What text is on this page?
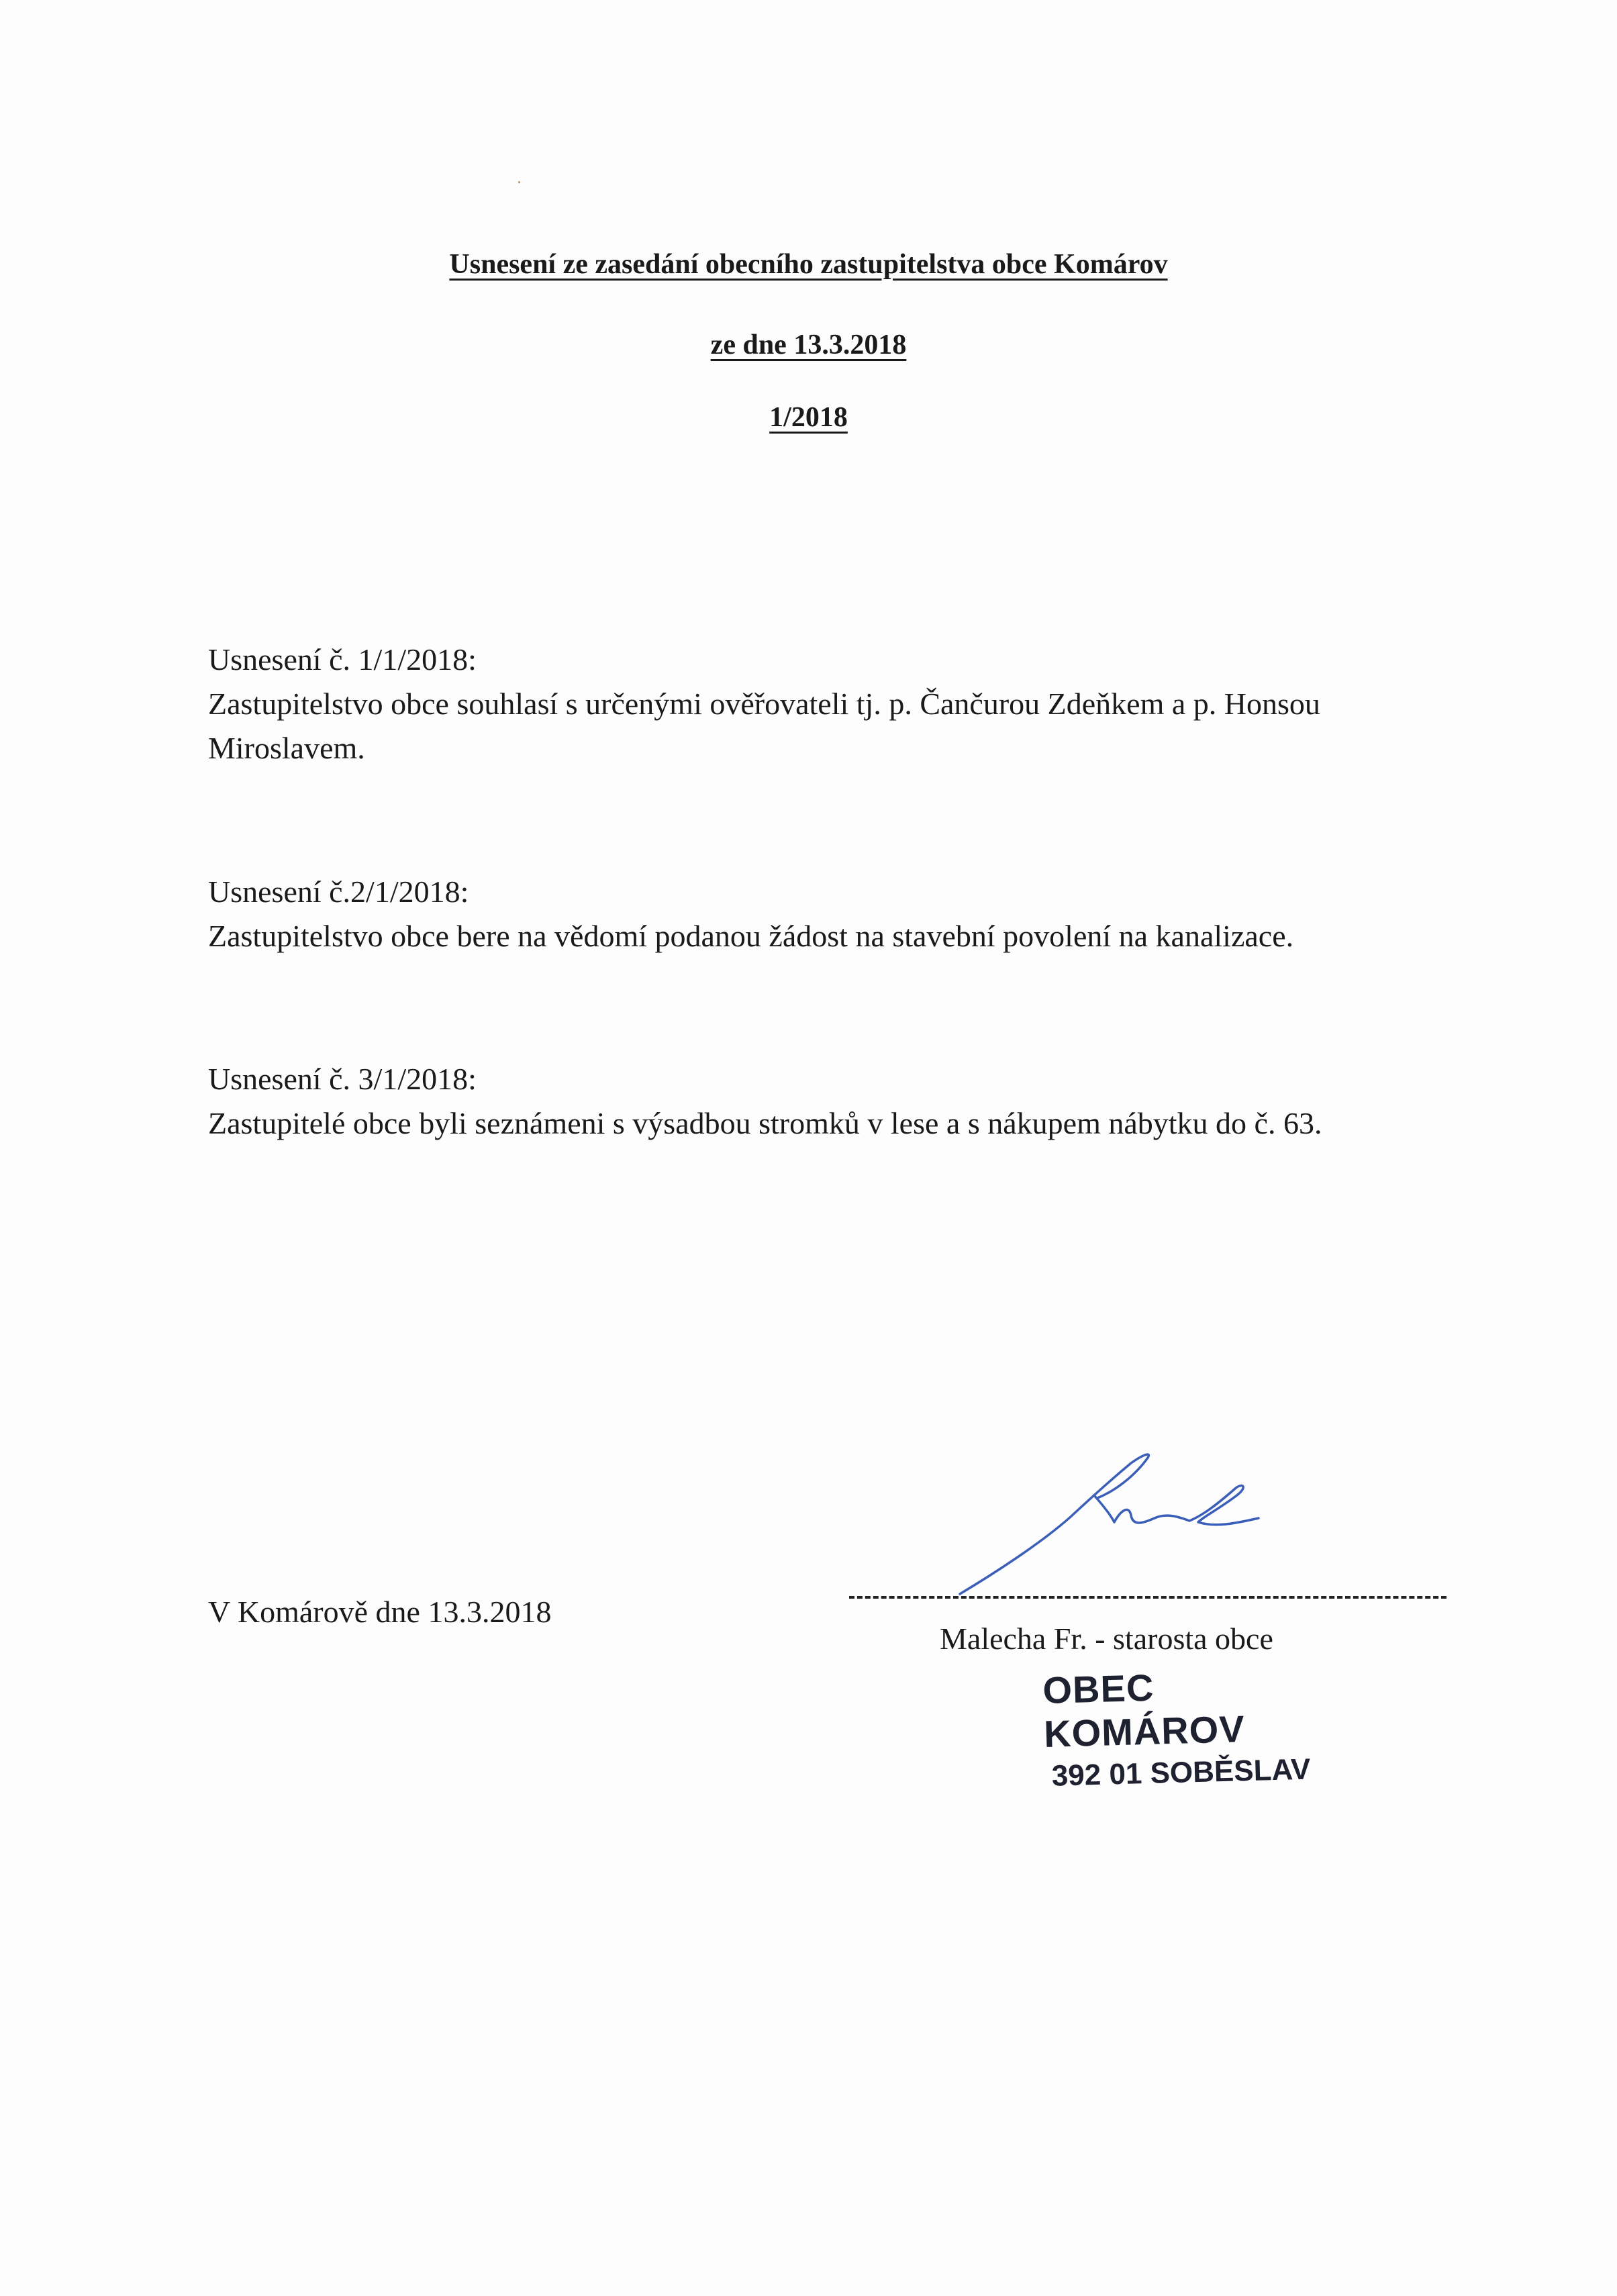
Usnesení ze zasedání obecního zastupitelstva obce Komárov
ze dne 13.3.2018
1/2018
Usnesení č. 1/1/2018:
Zastupitelstvo obce souhlasí s určenými ověřovateli tj. p. Čančurou Zdeňkem a p. Honsou Miroslavem.
Usnesení č.2/1/2018:
Zastupitelstvo obce bere na vědomí podanou žádost na stavební povolení na kanalizace.
Usnesení č. 3/1/2018:
Zastupitelé obce byli seznámeni s výsadbou stromků v lese a s nákupem nábytku do č. 63.
V Komárově dne 13.3.2018
Malecha Fr. - starosta obce
OBEC KOMÁROV
392 01 SOBĚSLAV
